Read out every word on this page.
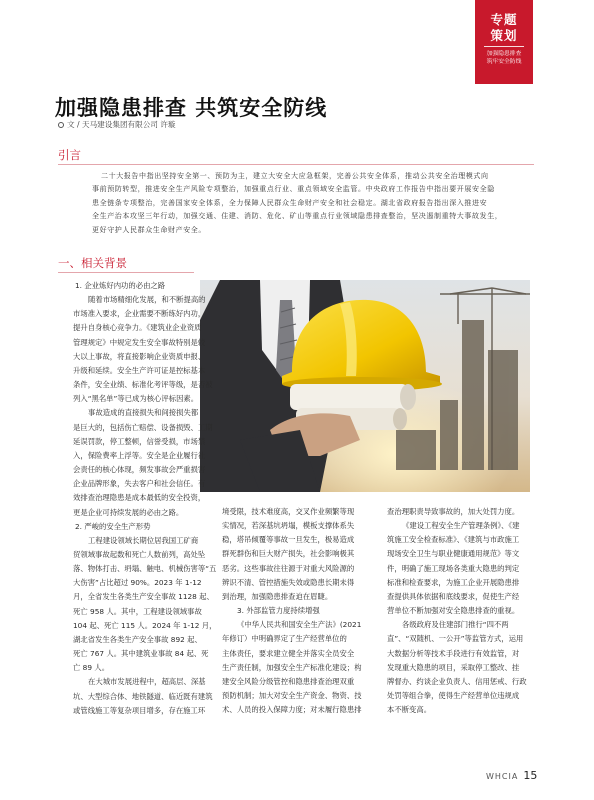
专题
策划
加强隐患排查
筑牢安全防线
加强隐患排查 共筑安全防线
文 / 天马建设集团有限公司 许璇
引言
二十大报告中指出坚持安全第一、预防为主，建立大安全大应急框架，完善公共安全体系，推动公共安全治理模式向
事前预防转型，推进安全生产风险专项整治，加强重点行业、重点领域安全监管。中央政府工作报告中指出要开展安全隐
患全链条专项整治，完善国家安全体系，全力保障人民群众生命财产安全和社会稳定。湖北省政府报告指出深入推进安
全生产治本攻坚三年行动，加强交通、住建、消防、危化、矿山等重点行业领域隐患排查整治，坚决遏制重特大事故发生，
更好守护人民群众生命财产安全。
一、相关背景
1. 企业炼好内功的必由之路
随着市场精细化发展，和不断提高的
市场准入要求，企业需要不断练好内功，
提升自身核心竞争力。《建筑业企业资质
管理规定》中规定发生安全事故特别是较
大以上事故，将直接影响企业资质申报、
升级和延续。安全生产许可证是控标基本
条件，安全业绩、标准化考评等级，是否被
列入“黑名单”等已成为核心评标因素。
事故造成的直接损失和间接损失都
是巨大的，包括伤亡赔偿、设备损毁、工期
延误罚款，停工整顿，信誉受损，市场禁
入，保险费率上浮等。安全是企业履行社
会责任的核心体现，频发事故会严重损害
企业品牌形象，失去客户和社会信任。有
效排查治理隐患是成本最低的安全投资，
更是企业可持续发展的必由之路。
2. 严峻的安全生产形势
工程建设领域长期位居我国工矿商
贸领域事故起数和死亡人数前列，高处坠
落、物体打击、坍塌、触电、机械伤害等“五
大伤害”占比超过 90%。2023 年 1-12
月，全省发生各类生产安全事故 1128 起、
死亡 958 人。其中，工程建设领域事故
104 起、死亡 115 人。2024 年 1-12 月，
湖北省发生各类生产安全事故 892 起、
死亡 767 人。其中建筑业事故 84 起、死
亡 89 人。
在大城市发展进程中，超高层、深基
坑、大型综合体、地铁隧道、临近既有建筑
或管线施工等复杂项目增多，存在施工环
境受限，技术难度高，交叉作业频繁等现
实情况，若深基坑坍塌，模板支撑体系失
稳，塔吊倾覆等事故一旦发生，极易造成
群死群伤和巨大财产损失，社会影响极其
恶劣。这些事故往往源于对重大风险源的
辨识不清、管控措施失效或隐患长期未得
到治理，加强隐患排查迫在眉睫。
3. 外部监管力度持续增强
《中华人民共和国安全生产法》(2021
年修订）中明确界定了生产经营单位的
主体责任，要求建立健全并落实全员安全
生产责任制，加强安全生产标准化建设；构
建安全风险分级管控和隐患排查治理双重
预防机制；加大对安全生产资金、物资、技
术、人员的投入保障力度；对未履行隐患排
查治理职责导致事故的，加大处罚力度。
《建设工程安全生产管理条例》、《建
筑施工安全检查标准》、《建筑与市政施工
现场安全卫生与职业健康通用规范》等文
件，明确了施工现场各类重大隐患的判定
标准和检查要求，为施工企业开展隐患排
查提供具体依据和底线要求，促使生产经
营单位不断加强对安全隐患排查的重视。
各级政府及住建部门推行“四不两
直”、“双随机、一公开”等监管方式，运用
大数据分析等技术手段进行有效监管，对
发现重大隐患的项目，采取停工整改、挂
牌督办、约谈企业负责人、信用惩戒、行政
处罚等组合拳，使得生产经营单位违规成
本不断变高。
WHCIA 15
